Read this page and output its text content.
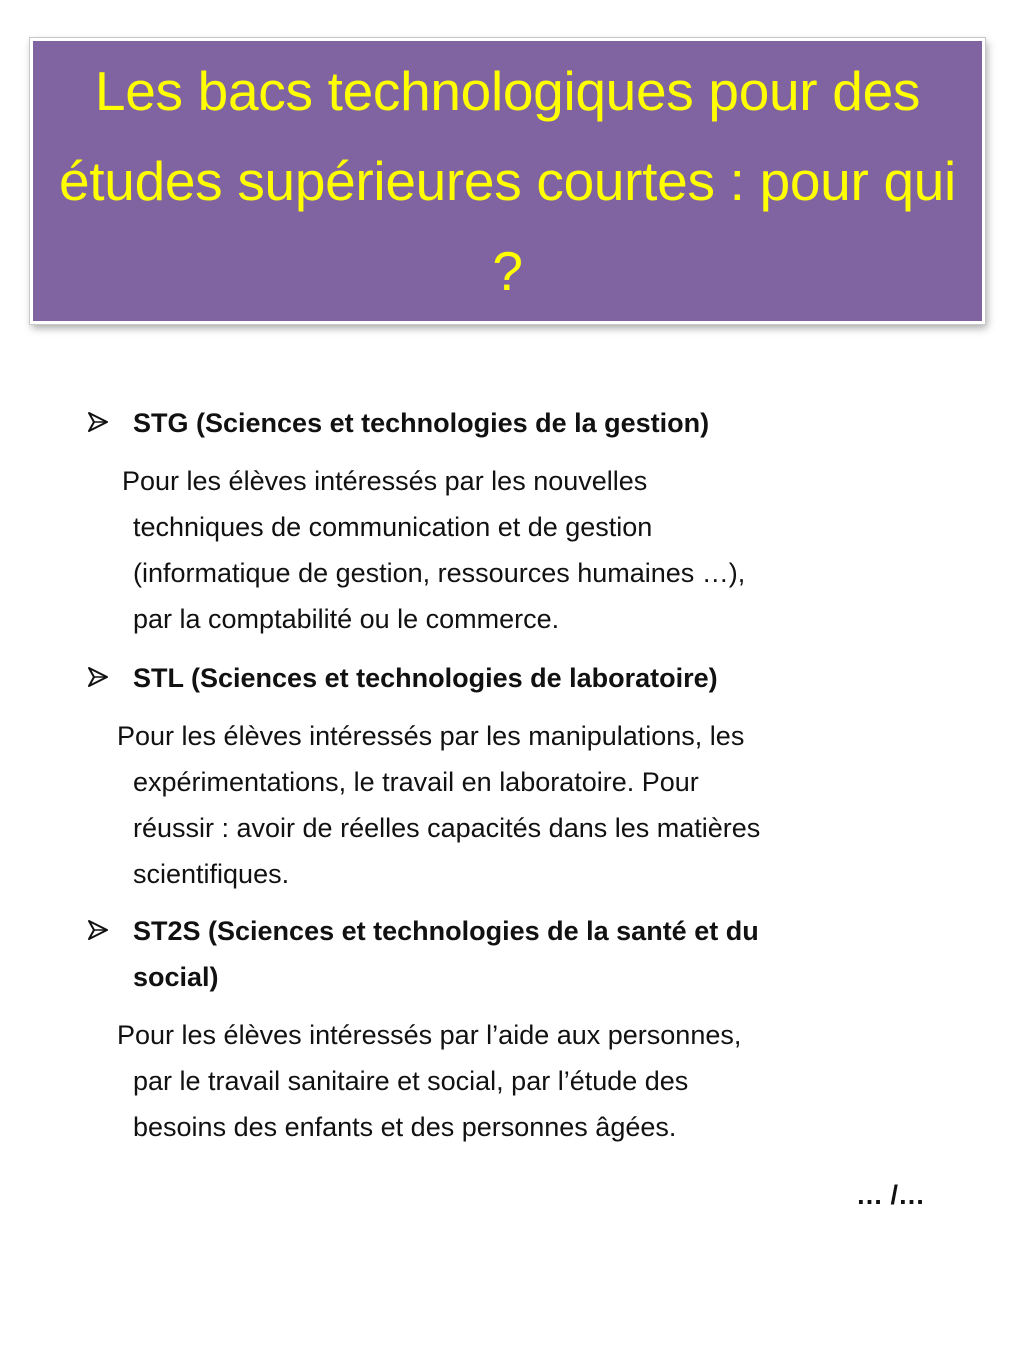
Les bacs technologiques pour des études supérieures courtes : pour qui ?
STG (Sciences et technologies de la gestion)
Pour les élèves intéressés par les nouvelles
techniques de communication et de gestion
(informatique de gestion, ressources humaines …),
par la comptabilité ou le commerce.
STL (Sciences et technologies de laboratoire)
Pour les élèves intéressés par les manipulations, les
expérimentations, le travail en laboratoire. Pour
réussir : avoir de réelles capacités dans les matières
scientifiques.
ST2S (Sciences et technologies de la santé et du
social)
Pour les élèves intéressés par l’aide aux personnes,
par le travail sanitaire et social, par l’étude des
besoins des enfants et des personnes âgées.
… /…
